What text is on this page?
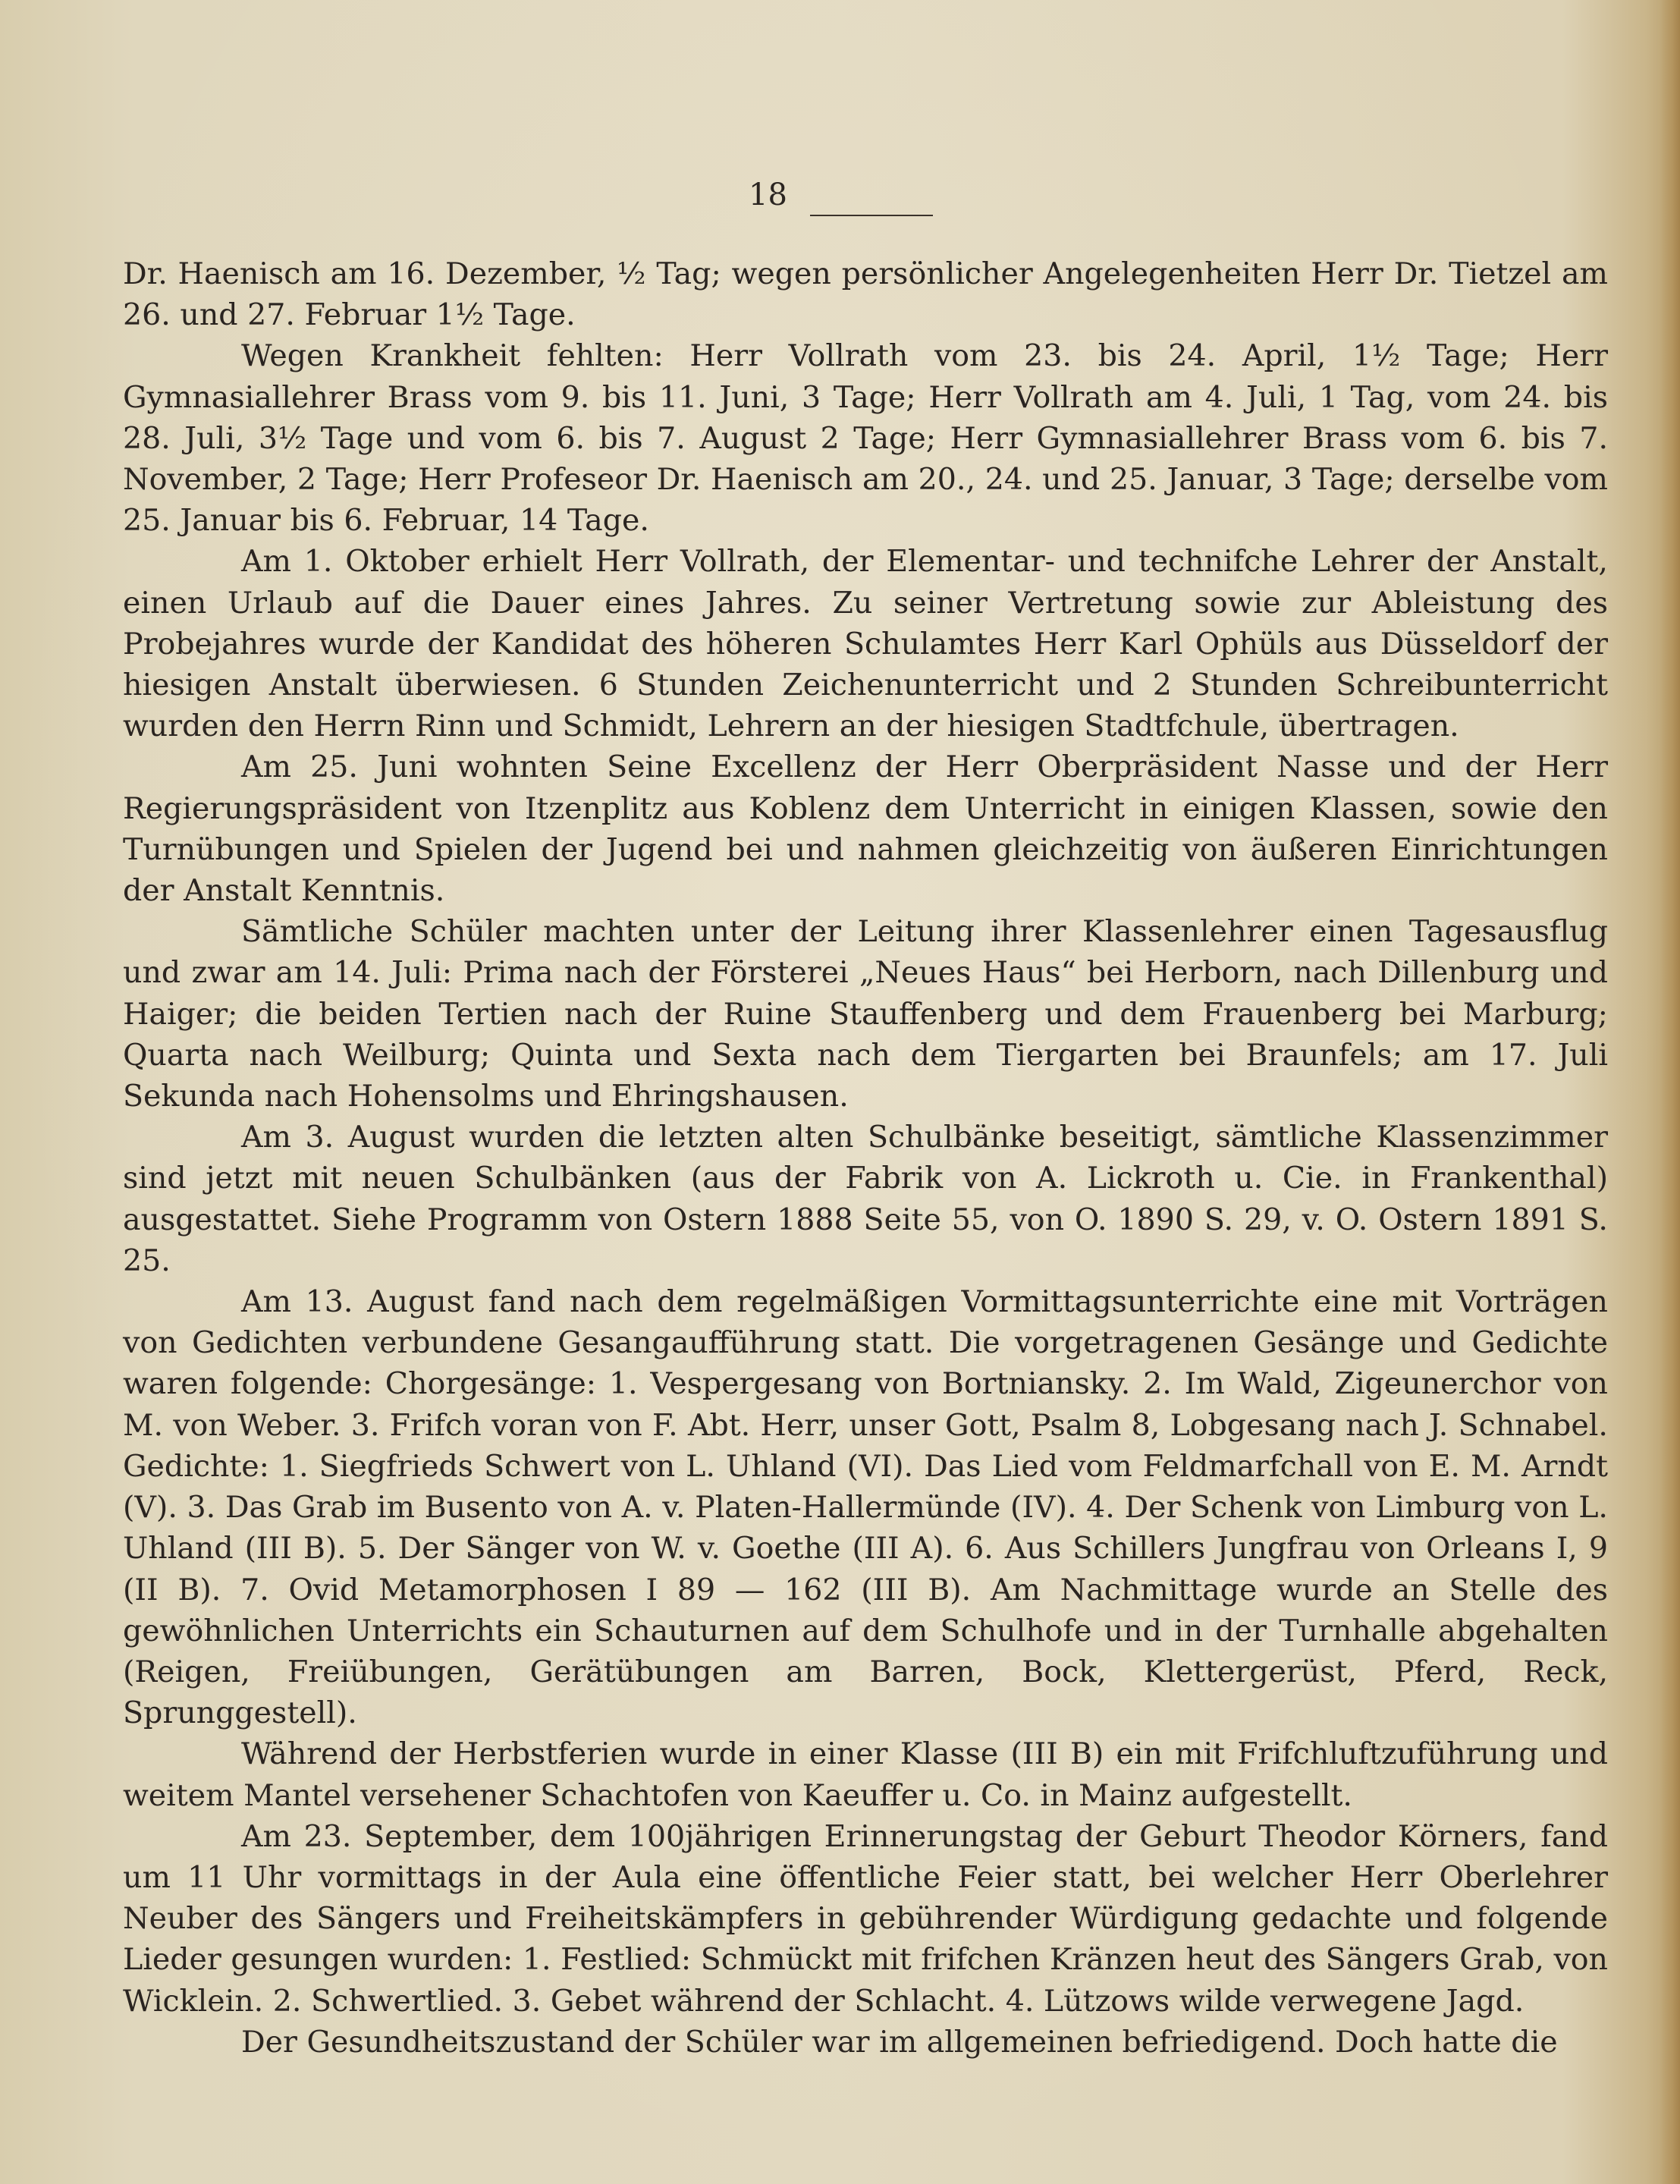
18

Dr. Haenisch am 16. Dezember, ½ Tag; wegen persönlicher Angelegenheiten Herr Dr. Tietzel am 26. und 27. Februar 1½ Tage.

Wegen Krankheit fehlten: Herr Vollrath vom 23. bis 24. April, 1½ Tage; Herr Gymnasiallehrer Brass vom 9. bis 11. Juni, 3 Tage; Herr Vollrath am 4. Juli, 1 Tag, vom 24. bis 28. Juli, 3½ Tage und vom 6. bis 7. August 2 Tage; Herr Gymnasiallehrer Brass vom 6. bis 7. November, 2 Tage; Herr Profeseor Dr. Haenisch am 20., 24. und 25. Januar, 3 Tage; derselbe vom 25. Januar bis 6. Februar, 14 Tage.

Am 1. Oktober erhielt Herr Vollrath, der Elementar- und technifche Lehrer der Anstalt, einen Urlaub auf die Dauer eines Jahres. Zu seiner Vertretung sowie zur Ableistung des Probejahres wurde der Kandidat des höheren Schulamtes Herr Karl Ophüls aus Düsseldorf der hiesigen Anstalt überwiesen. 6 Stunden Zeichenunterricht und 2 Stunden Schreibunterricht wurden den Herrn Rinn und Schmidt, Lehrern an der hiesigen Stadtfchule, übertragen.

Am 25. Juni wohnten Seine Excellenz der Herr Oberpräsident Nasse und der Herr Regierungspräsident von Itzenplitz aus Koblenz dem Unterricht in einigen Klassen, sowie den Turnübungen und Spielen der Jugend bei und nahmen gleichzeitig von äußeren Einrichtungen der Anstalt Kenntnis.

Sämtliche Schüler machten unter der Leitung ihrer Klassenlehrer einen Tagesausflug und zwar am 14. Juli: Prima nach der Försterei „Neues Haus“ bei Herborn, nach Dillenburg und Haiger; die beiden Tertien nach der Ruine Stauffenberg und dem Frauenberg bei Marburg; Quarta nach Weilburg; Quinta und Sexta nach dem Tiergarten bei Braunfels; am 17. Juli Sekunda nach Hohensolms und Ehringshausen.

Am 3. August wurden die letzten alten Schulbänke beseitigt, sämtliche Klassenzimmer sind jetzt mit neuen Schulbänken (aus der Fabrik von A. Lickroth u. Cie. in Frankenthal) ausgestattet. Siehe Programm von Ostern 1888 Seite 55, von O. 1890 S. 29, v. O. Ostern 1891 S. 25.

Am 13. August fand nach dem regelmäßigen Vormittagsunterrichte eine mit Vorträgen von Gedichten verbundene Gesangaufführung statt. Die vorgetragenen Gesänge und Gedichte waren folgende: Chorgesänge: 1. Vespergesang von Bortniansky. 2. Im Wald, Zigeunerchor von M. von Weber. 3. Frifch voran von F. Abt. Herr, unser Gott, Psalm 8, Lobgesang nach J. Schnabel. Gedichte: 1. Siegfrieds Schwert von L. Uhland (VI). Das Lied vom Feldmarfchall von E. M. Arndt (V). 3. Das Grab im Busento von A. v. Platen-Hallermünde (IV). 4. Der Schenk von Limburg von L. Uhland (III B). 5. Der Sänger von W. v. Goethe (III A). 6. Aus Schillers Jungfrau von Orleans I, 9 (II B). 7. Ovid Metamorphosen I 89 — 162 (III B). Am Nachmittage wurde an Stelle des gewöhnlichen Unterrichts ein Schauturnen auf dem Schulhofe und in der Turnhalle abgehalten (Reigen, Freiübungen, Gerätübungen am Barren, Bock, Klettergerüst, Pferd, Reck, Sprunggestell).

Während der Herbstferien wurde in einer Klasse (III B) ein mit Frifchluftzuführung und weitem Mantel versehener Schachtofen von Kaeuffer u. Co. in Mainz aufgestellt.

Am 23. September, dem 100jährigen Erinnerungstag der Geburt Theodor Körners, fand um 11 Uhr vormittags in der Aula eine öffentliche Feier statt, bei welcher Herr Oberlehrer Neuber des Sängers und Freiheitskämpfers in gebührender Würdigung gedachte und folgende Lieder gesungen wurden: 1. Festlied: Schmückt mit frifchen Kränzen heut des Sängers Grab, von Wicklein. 2. Schwertlied. 3. Gebet während der Schlacht. 4. Lützows wilde verwegene Jagd.

Der Gesundheitszustand der Schüler war im allgemeinen befriedigend. Doch hatte die
